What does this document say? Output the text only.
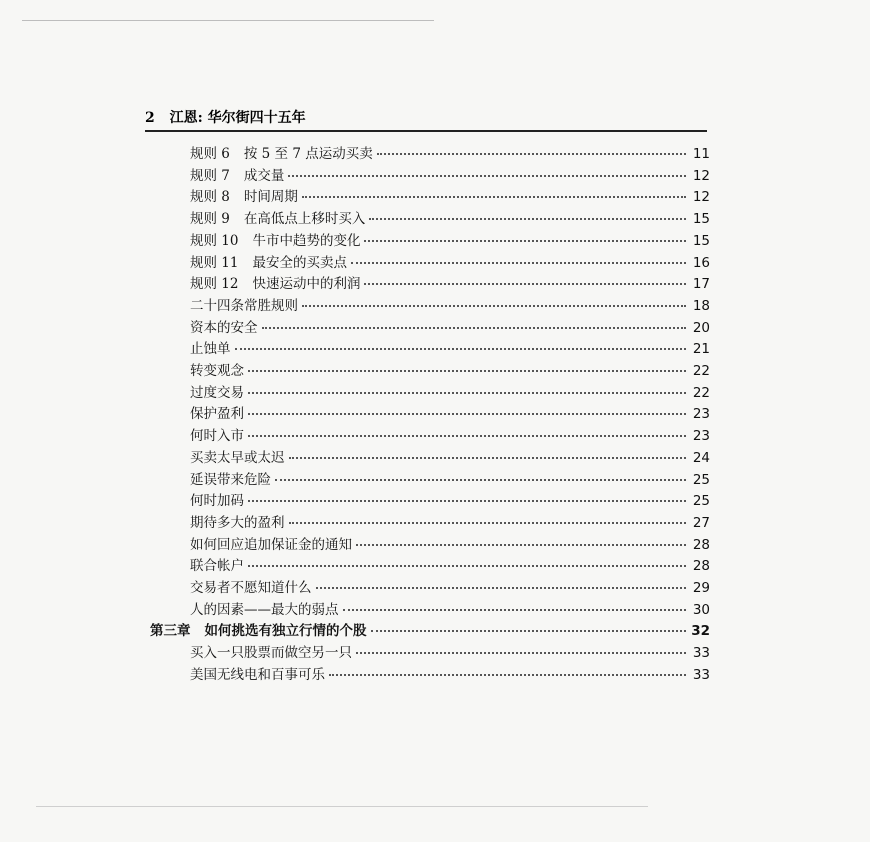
2 江恩: 华尔街四十五年
规则 6 按 5 至 7 点运动买卖	11
规则 7 成交量	12
规则 8 时间周期	12
规则 9 在高低点上移时买入	15
规则 10 牛市中趋势的变化	15
规则 11 最安全的买卖点	16
规则 12 快速运动中的利润	17
二十四条常胜规则	18
资本的安全	20
止蚀单	21
转变观念	22
过度交易	22
保护盈利	23
何时入市	23
买卖太早或太迟	24
延误带来危险	25
何时加码	25
期待多大的盈利	27
如何回应追加保证金的通知	28
联合帐户	28
交易者不愿知道什么	29
人的因素——最大的弱点	30
第三章 如何挑选有独立行情的个股	32
买入一只股票而做空另一只	33
美国无线电和百事可乐	33
